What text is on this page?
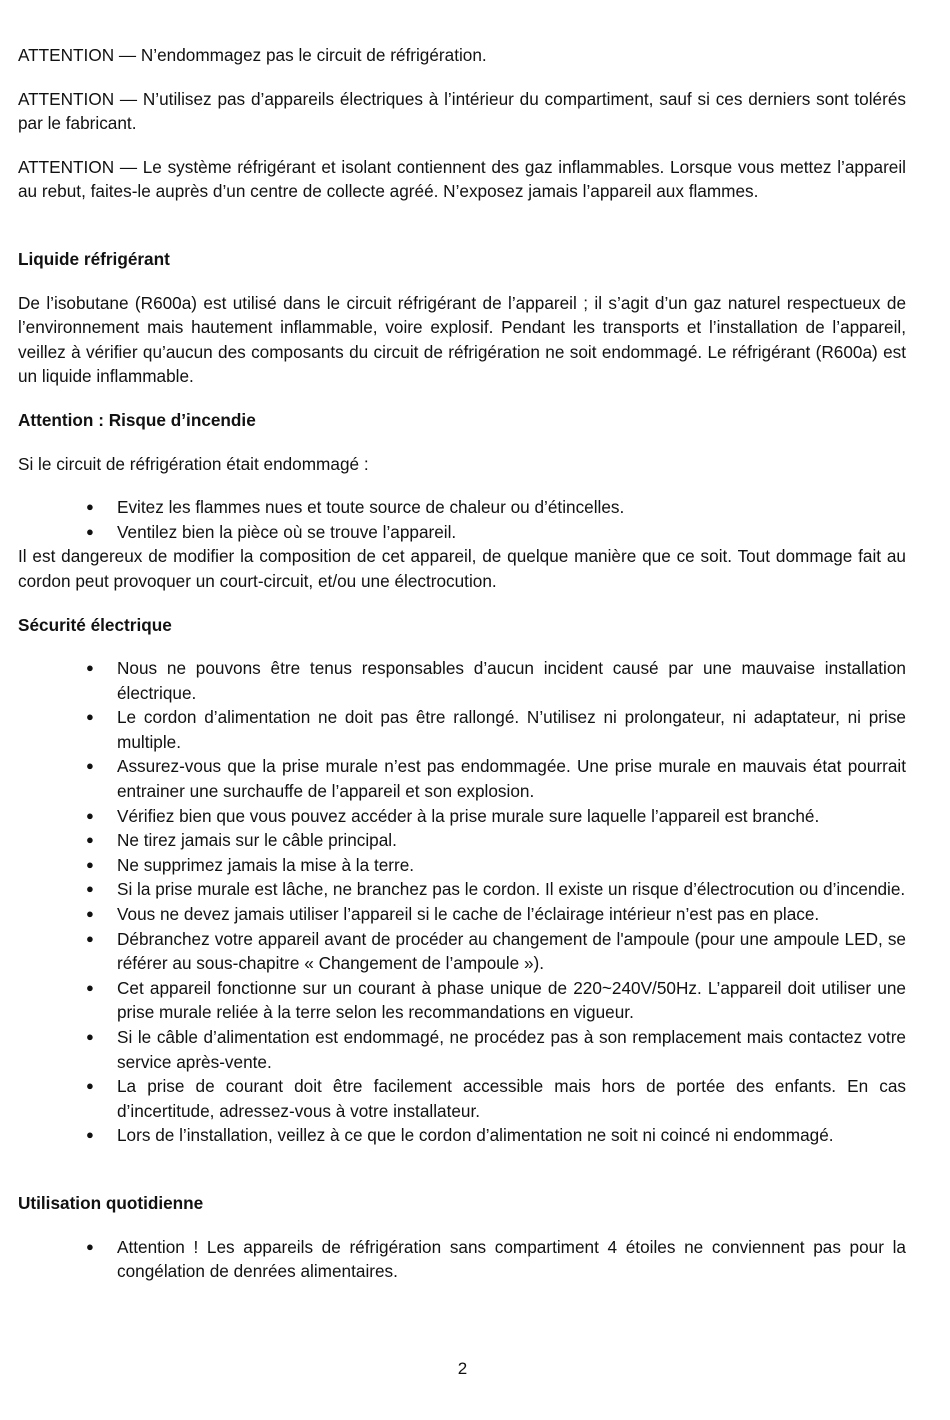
ATTENTION — N’endommagez pas le circuit de réfrigération.

ATTENTION — N’utilisez pas d’appareils électriques à l’intérieur du compartiment, sauf si ces derniers sont tolérés par le fabricant.

ATTENTION — Le système réfrigérant et isolant contiennent des gaz inflammables. Lorsque vous mettez l’appareil au rebut, faites-le auprès d’un centre de collecte agréé. N’exposez jamais l’appareil aux flammes.

Liquide réfrigérant

De l’isobutane (R600a) est utilisé dans le circuit réfrigérant de l’appareil ; il s’agit d’un gaz naturel respectueux de l’environnement mais hautement inflammable, voire explosif. Pendant les transports et l’installation de l’appareil, veillez à vérifier qu’aucun des composants du circuit de réfrigération ne soit endommagé. Le réfrigérant (R600a) est un liquide inflammable.

Attention : Risque d’incendie

Si le circuit de réfrigération était endommagé :

● Evitez les flammes nues et toute source de chaleur ou d’étincelles.
● Ventilez bien la pièce où se trouve l’appareil.

Il est dangereux de modifier la composition de cet appareil, de quelque manière que ce soit. Tout dommage fait au cordon peut provoquer un court-circuit, et/ou une électrocution.

Sécurité électrique

● Nous ne pouvons être tenus responsables d’aucun incident causé par une mauvaise installation électrique.
● Le cordon d’alimentation ne doit pas être rallongé. N’utilisez ni prolongateur, ni adaptateur, ni prise multiple.
● Assurez-vous que la prise murale n’est pas endommagée. Une prise murale en mauvais état pourrait entrainer une surchauffe de l’appareil et son explosion.
● Vérifiez bien que vous pouvez accéder à la prise murale sure laquelle l’appareil est branché.
● Ne tirez jamais sur le câble principal.
● Ne supprimez jamais la mise à la terre.
● Si la prise murale est lâche, ne branchez pas le cordon. Il existe un risque d’électrocution ou d’incendie.
● Vous ne devez jamais utiliser l’appareil si le cache de l’éclairage intérieur n’est pas en place.
● Débranchez votre appareil avant de procéder au changement de l'ampoule (pour une ampoule LED, se référer au sous-chapitre « Changement de l’ampoule »).
● Cet appareil fonctionne sur un courant à phase unique de 220~240V/50Hz. L’appareil doit utiliser une prise murale reliée à la terre selon les recommandations en vigueur.
● Si le câble d’alimentation est endommagé, ne procédez pas à son remplacement mais contactez votre service après-vente.
● La prise de courant doit être facilement accessible mais hors de portée des enfants. En cas d’incertitude, adressez-vous à votre installateur.
● Lors de l’installation, veillez à ce que le cordon d’alimentation ne soit ni coincé ni endommagé.

Utilisation quotidienne

● Attention ! Les appareils de réfrigération sans compartiment 4 étoiles ne conviennent pas pour la congélation de denrées alimentaires.
2
